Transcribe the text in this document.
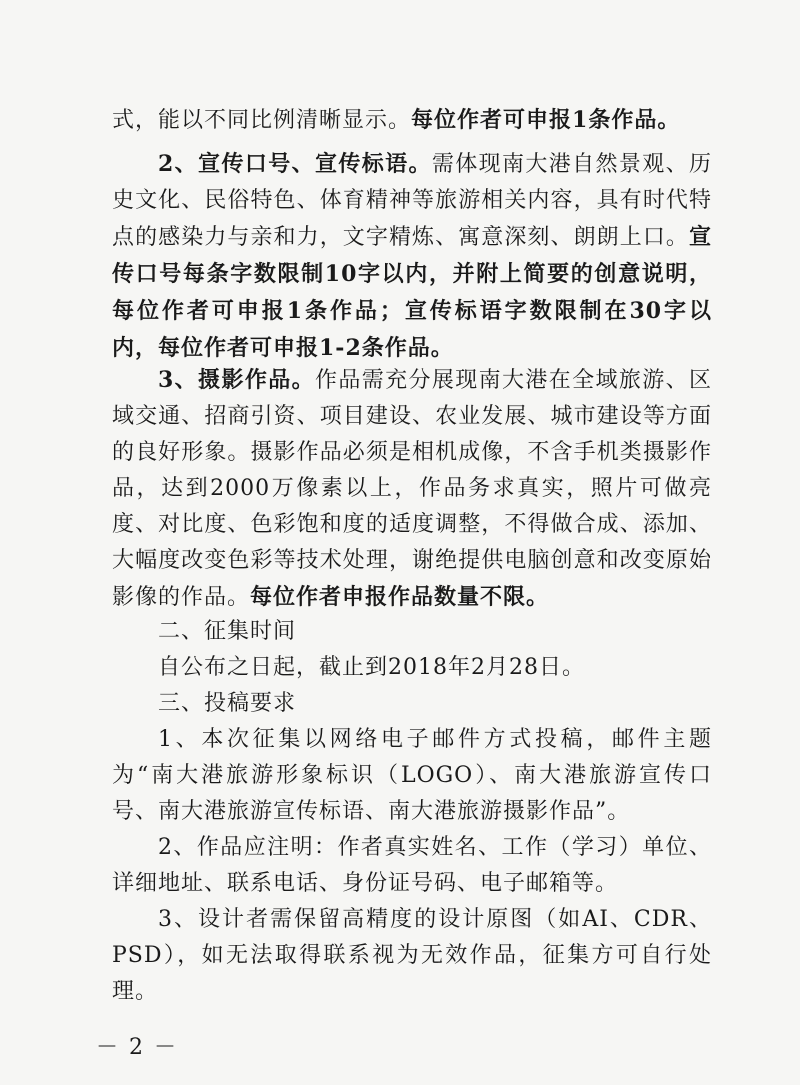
式，能以不同比例清晰显示。每位作者可申报1条作品。

2、宣传口号、宣传标语。需体现南大港自然景观、历史文化、民俗特色、体育精神等旅游相关内容，具有时代特点的感染力与亲和力，文字精炼、寓意深刻、朗朗上口。宣传口号每条字数限制10字以内，并附上简要的创意说明，每位作者可申报1条作品；宣传标语字数限制在30字以内，每位作者可申报1-2条作品。

3、摄影作品。作品需充分展现南大港在全域旅游、区域交通、招商引资、项目建设、农业发展、城市建设等方面的良好形象。摄影作品必须是相机成像，不含手机类摄影作品，达到2000万像素以上，作品务求真实，照片可做亮度、对比度、色彩饱和度的适度调整，不得做合成、添加、大幅度改变色彩等技术处理，谢绝提供电脑创意和改变原始影像的作品。每位作者申报作品数量不限。

二、征集时间
自公布之日起，截止到2018年2月28日。
三、投稿要求

1、本次征集以网络电子邮件方式投稿，邮件主题为“南大港旅游形象标识（LOGO）、南大港旅游宣传口号、南大港旅游宣传标语、南大港旅游摄影作品”。

2、作品应注明：作者真实姓名、工作（学习）单位、详细地址、联系电话、身份证号码、电子邮箱等。

3、设计者需保留高精度的设计原图（如AI、CDR、PSD），如无法取得联系视为无效作品，征集方可自行处理。

－ 2 －
